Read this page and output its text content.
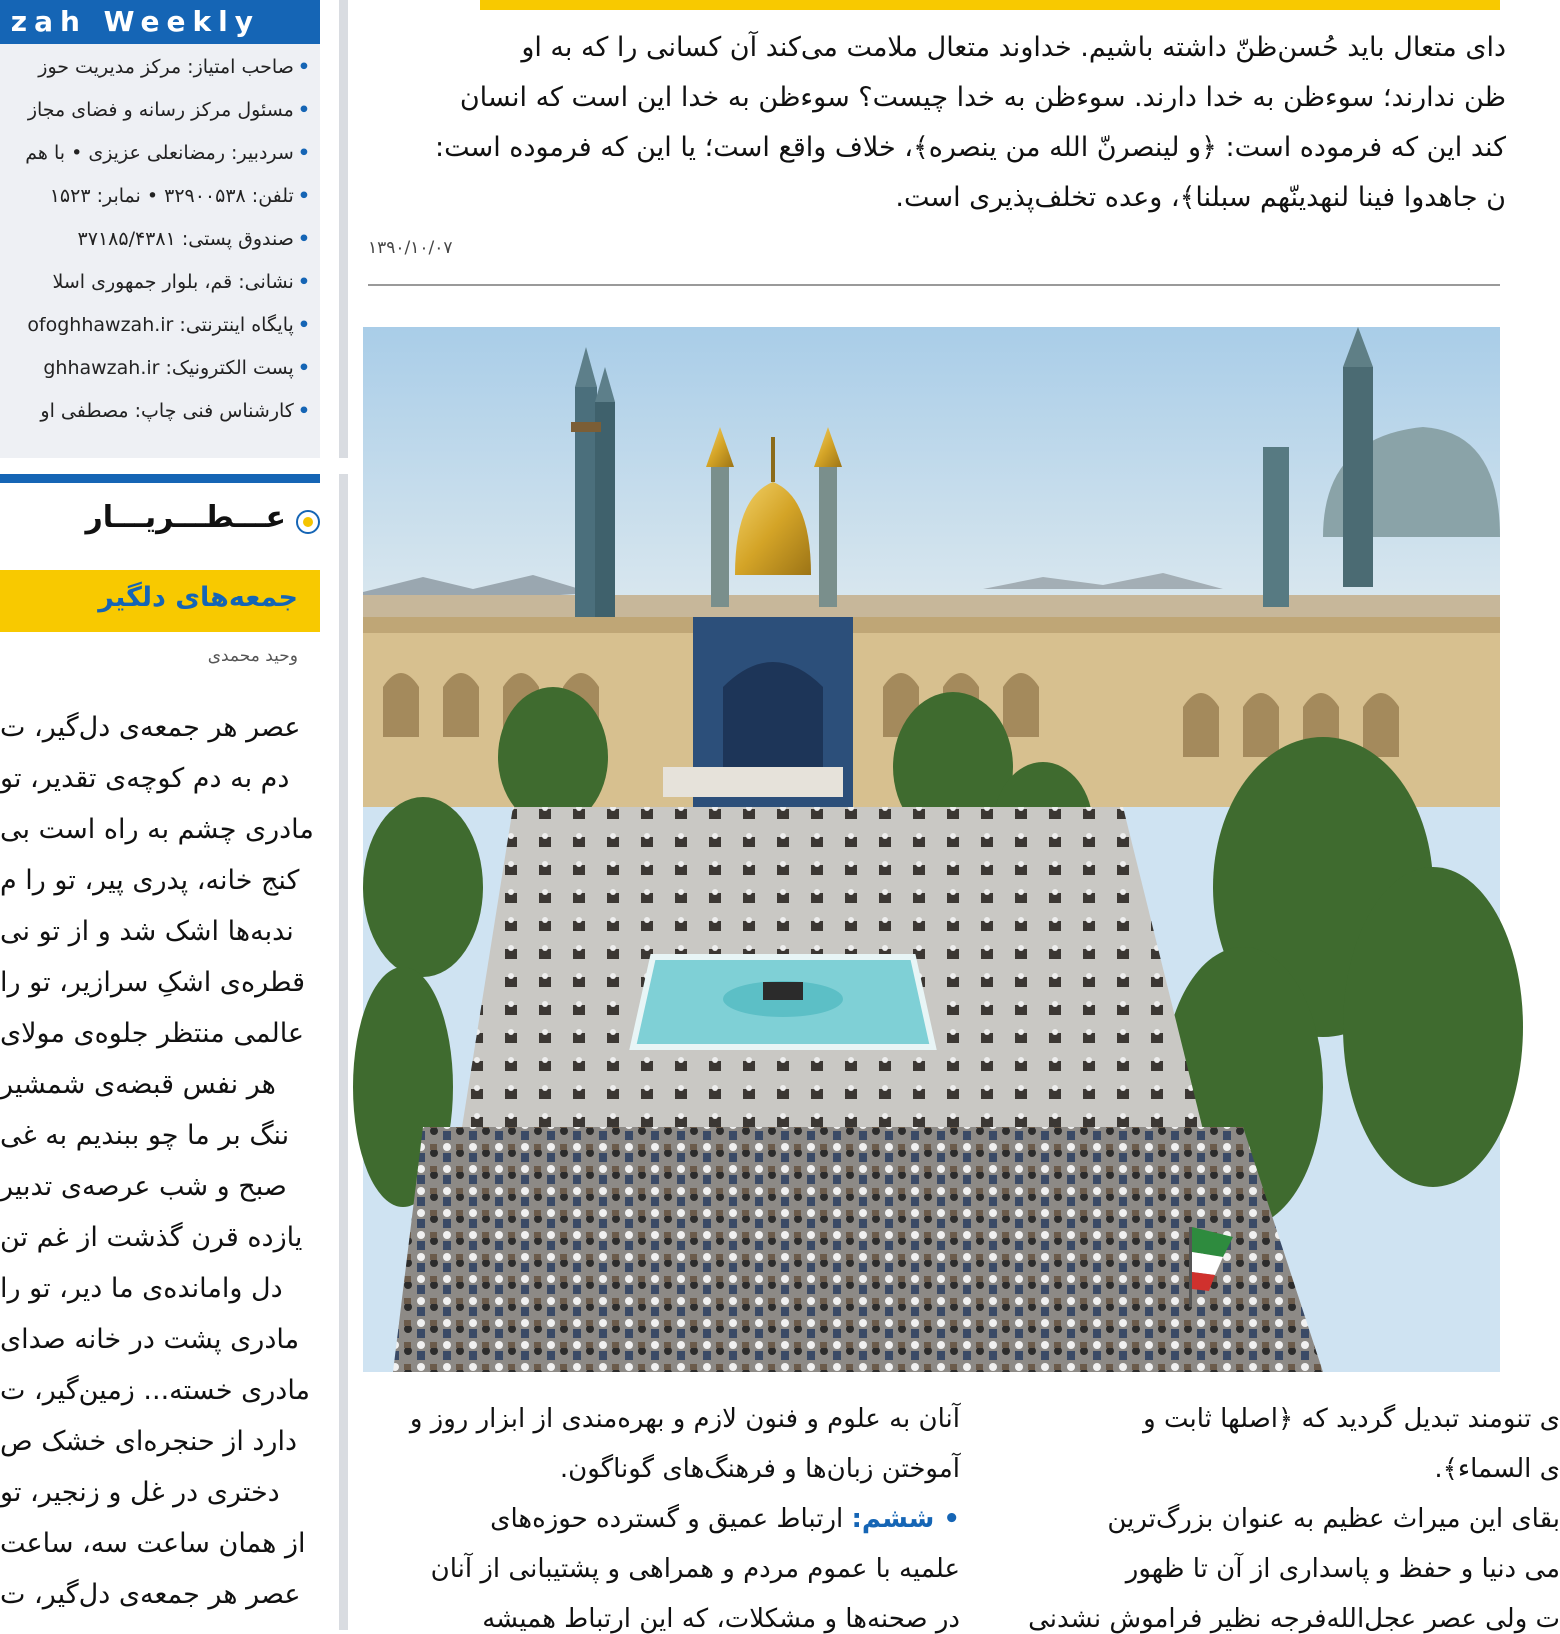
zah Weekly
•صاحب امتیاز: مرکز مدیریت حوز
•مسئول مرکز رسانه و فضای مجاز
•سردبیر: رمضانعلی عزیزی • با هم
•تلفن: ۳۲۹۰۰۵۳۸ • نمابر: ۱۵۲۳
•صندوق پستی: ۳۷۱۸۵/۴۳۸۱
•نشانی: قم، بلوار جمهوری اسلا
•پایگاه اینترنتی: ofoghhawzah.ir
•پست الکترونیک: ghhawzah.ir
•کارشناس فنی چاپ: مصطفی او
عـــطـــریـــار
جمعه‌های دلگیر
وحید محمدی
عصر هر جمعه‌ی دل‌گیر، ت
دم به دم کوچه‌ی تقدیر، تو
مادری چشم به راه است بی
کنج خانه، پدری پیر، تو را م
ندبه‌ها اشک شد و از تو نی
قطره‌ی اشکِ سرازیر، تو را
عالمی منتظر جلوه‌ی مولای
هر نفس قبضه‌ی شمشیر
ننگ بر ما چو ببندیم به غی
صبح و شب عرصه‌ی تدبیر
یازده قرن گذشت از غم تن
دل وامانده‌ی ما دیر، تو را
مادری پشت در خانه صدای
مادری خسته... زمین‌گیر، ت
دارد از حنجره‌ای خشک ص
دختری در غل و زنجیر، تو
از همان ساعت سه، ساعت
عصر هر جمعه‌ی دل‌گیر، ت
دای متعال باید حُسن‌ظنّ داشته باشیم. خداوند متعال ملامت می‌کند آن کسانی را که به او
ظن ندارند؛ سوءظن به خدا دارند. سوءظن به خدا چیست؟ سوءظن به خدا این است که انسان
کند این که فرموده است: ﴿و لینصرنّ الله من ینصره﴾، خلاف واقع است؛ یا این که فرموده است:
ن جاهدوا فینا لنهدینّهم سبلنا﴾، وعده تخلف‌پذیری است.
۱۳۹۰/۱۰/۰۷
آنان به علوم و فنون لازم و بهره‌مندی از ابزار روز و
آموختن زبان‌ها و فرهنگ‌های گوناگون.
• ششم: ارتباط عمیق و گسترده حوزه‌های
علمیه با عموم مردم و همراهی و پشتیبانی از آنان
در صحنه‌ها و مشکلات، که این ارتباط همیشه
ی تنومند تبدیل گردید که ﴿اصلها ثابت و
ی السماء﴾.
بقای این میراث عظیم به عنوان بزرگ‌ترین
می دنیا و حفظ و پاسداری از آن تا ظهور
ت ولی عصر عجل‌الله‌فرجه نظیر فراموش نشدنی
